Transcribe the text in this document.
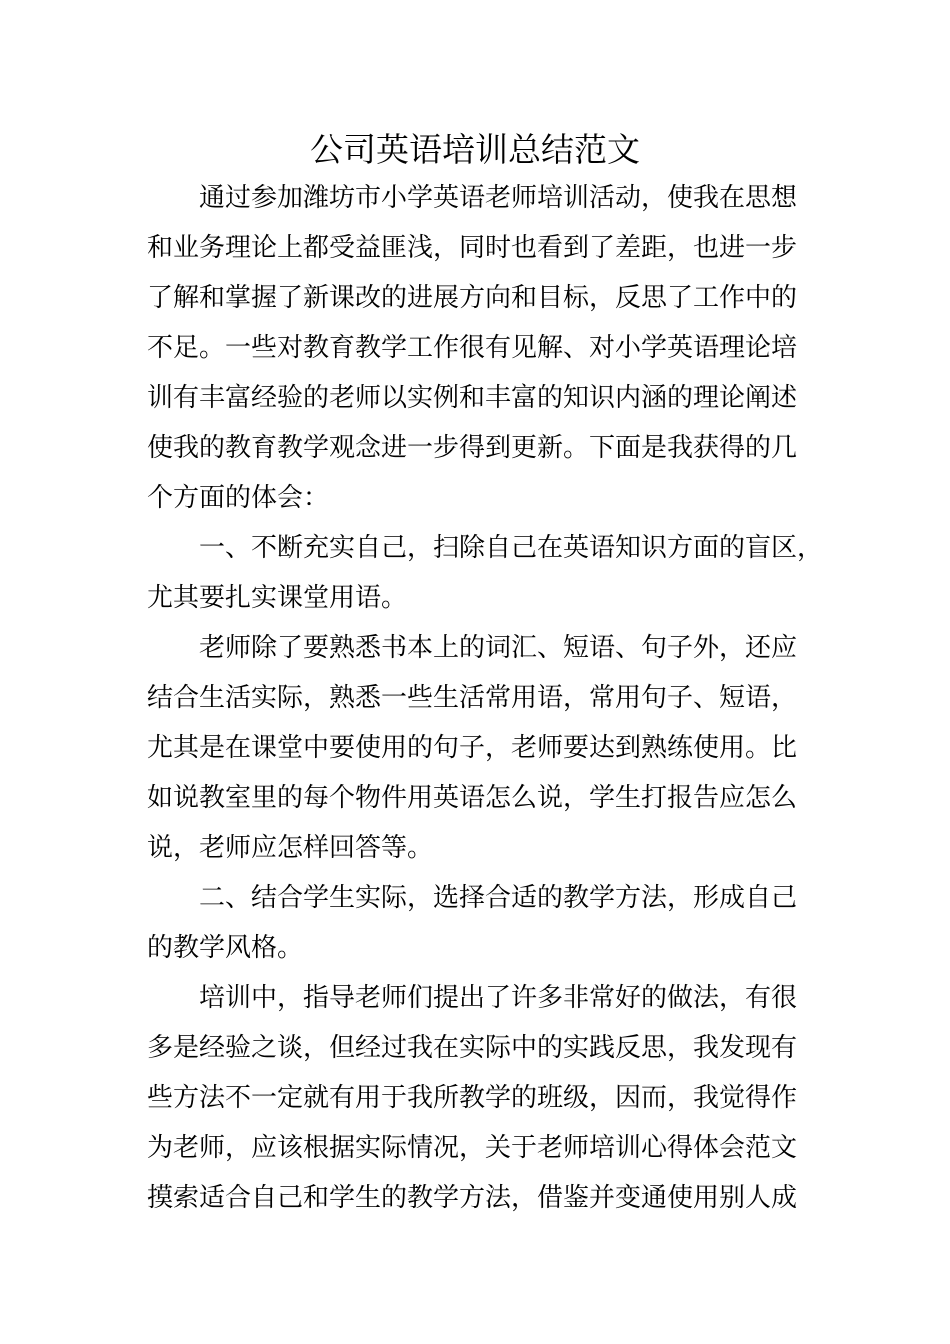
公司英语培训总结范文
　　通过参加潍坊市小学英语老师培训活动，使我在思想
和业务理论上都受益匪浅，同时也看到了差距，也进一步
了解和掌握了新课改的进展方向和目标，反思了工作中的
不足。一些对教育教学工作很有见解、对小学英语理论培
训有丰富经验的老师以实例和丰富的知识内涵的理论阐述
使我的教育教学观念进一步得到更新。下面是我获得的几
个方面的体会：
　　一、不断充实自己，扫除自己在英语知识方面的盲区，
尤其要扎实课堂用语。
　　老师除了要熟悉书本上的词汇、短语、句子外，还应
结合生活实际，熟悉一些生活常用语，常用句子、短语，
尤其是在课堂中要使用的句子，老师要达到熟练使用。比
如说教室里的每个物件用英语怎么说，学生打报告应怎么
说，老师应怎样回答等。
　　二、结合学生实际，选择合适的教学方法，形成自己
的教学风格。
　　培训中，指导老师们提出了许多非常好的做法，有很
多是经验之谈，但经过我在实际中的实践反思，我发现有
些方法不一定就有用于我所教学的班级，因而，我觉得作
为老师，应该根据实际情况，关于老师培训心得体会范文
摸索适合自己和学生的教学方法，借鉴并变通使用别人成
